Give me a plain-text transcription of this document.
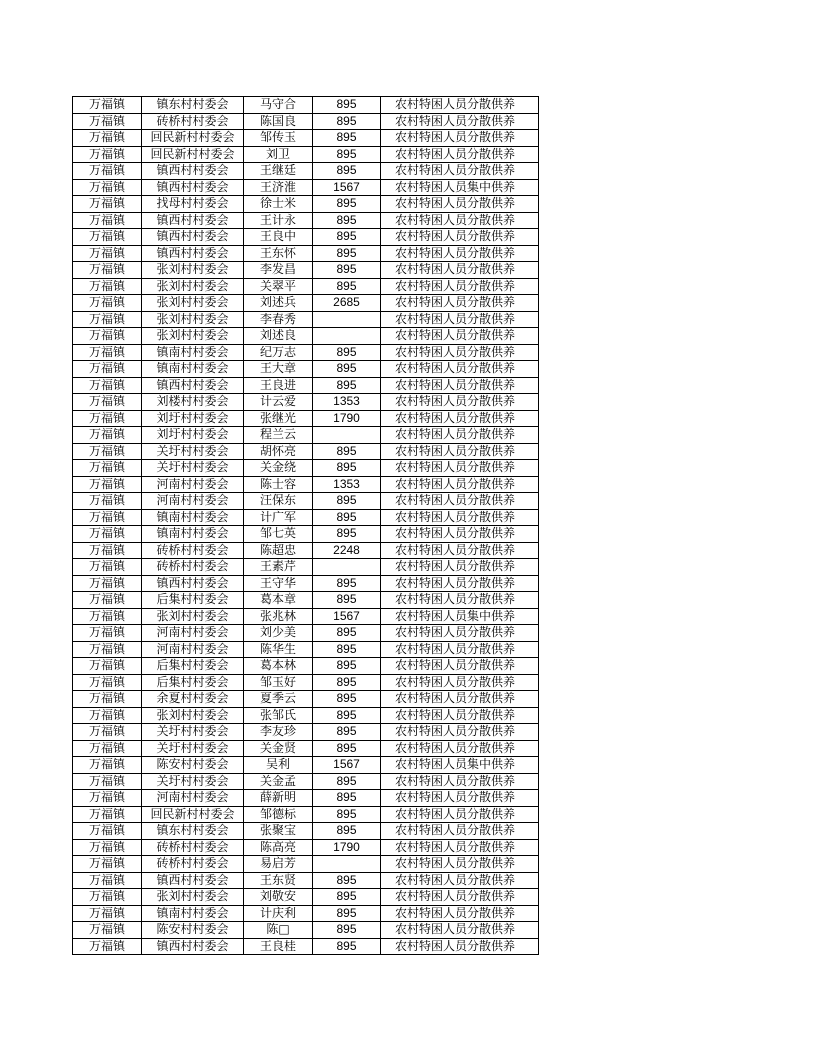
万福镇	镇东村村委会	马守合	895	农村特困人员分散供养
万福镇	砖桥村村委会	陈国良	895	农村特困人员分散供养
万福镇	回民新村村委会	邹传玉	895	农村特困人员分散供养
万福镇	回民新村村委会	刘卫	895	农村特困人员分散供养
万福镇	镇西村村委会	王继廷	895	农村特困人员分散供养
万福镇	镇西村村委会	王济淮	1567	农村特困人员集中供养
万福镇	找母村村委会	徐士米	895	农村特困人员分散供养
万福镇	镇西村村委会	王计永	895	农村特困人员分散供养
万福镇	镇西村村委会	王良中	895	农村特困人员分散供养
万福镇	镇西村村委会	王东怀	895	农村特困人员分散供养
万福镇	张刘村村委会	李发昌	895	农村特困人员分散供养
万福镇	张刘村村委会	关翠平	895	农村特困人员分散供养
万福镇	张刘村村委会	刘述兵	2685	农村特困人员分散供养
万福镇	张刘村村委会	李春秀		农村特困人员分散供养
万福镇	张刘村村委会	刘述良		农村特困人员分散供养
万福镇	镇南村村委会	纪万志	895	农村特困人员分散供养
万福镇	镇南村村委会	王大章	895	农村特困人员分散供养
万福镇	镇西村村委会	王良进	895	农村特困人员分散供养
万福镇	刘楼村村委会	计云爱	1353	农村特困人员分散供养
万福镇	刘圩村村委会	张继光	1790	农村特困人员分散供养
万福镇	刘圩村村委会	程兰云		农村特困人员分散供养
万福镇	关圩村村委会	胡怀亮	895	农村特困人员分散供养
万福镇	关圩村村委会	关金绕	895	农村特困人员分散供养
万福镇	河南村村委会	陈士容	1353	农村特困人员分散供养
万福镇	河南村村委会	汪保东	895	农村特困人员分散供养
万福镇	镇南村村委会	计广军	895	农村特困人员分散供养
万福镇	镇南村村委会	邹七英	895	农村特困人员分散供养
万福镇	砖桥村村委会	陈超忠	2248	农村特困人员分散供养
万福镇	砖桥村村委会	王素芹		农村特困人员分散供养
万福镇	镇西村村委会	王守华	895	农村特困人员分散供养
万福镇	后集村村委会	葛本章	895	农村特困人员分散供养
万福镇	张刘村村委会	张兆林	1567	农村特困人员集中供养
万福镇	河南村村委会	刘少美	895	农村特困人员分散供养
万福镇	河南村村委会	陈华生	895	农村特困人员分散供养
万福镇	后集村村委会	葛本林	895	农村特困人员分散供养
万福镇	后集村村委会	邹玉好	895	农村特困人员分散供养
万福镇	余夏村村委会	夏季云	895	农村特困人员分散供养
万福镇	张刘村村委会	张邹氏	895	农村特困人员分散供养
万福镇	关圩村村委会	李友珍	895	农村特困人员分散供养
万福镇	关圩村村委会	关金贤	895	农村特困人员分散供养
万福镇	陈安村村委会	吴利	1567	农村特困人员集中供养
万福镇	关圩村村委会	关金孟	895	农村特困人员分散供养
万福镇	河南村村委会	薛新明	895	农村特困人员分散供养
万福镇	回民新村村委会	邹德标	895	农村特困人员分散供养
万福镇	镇东村村委会	张聚宝	895	农村特困人员分散供养
万福镇	砖桥村村委会	陈高亮	1790	农村特困人员分散供养
万福镇	砖桥村村委会	易启芳		农村特困人员分散供养
万福镇	镇西村村委会	王东贤	895	农村特困人员分散供养
万福镇	张刘村村委会	刘敬安	895	农村特困人员分散供养
万福镇	镇南村村委会	计庆利	895	农村特困人员分散供养
万福镇	陈安村村委会	陈□	895	农村特困人员分散供养
万福镇	镇西村村委会	王良桂	895	农村特困人员分散供养
